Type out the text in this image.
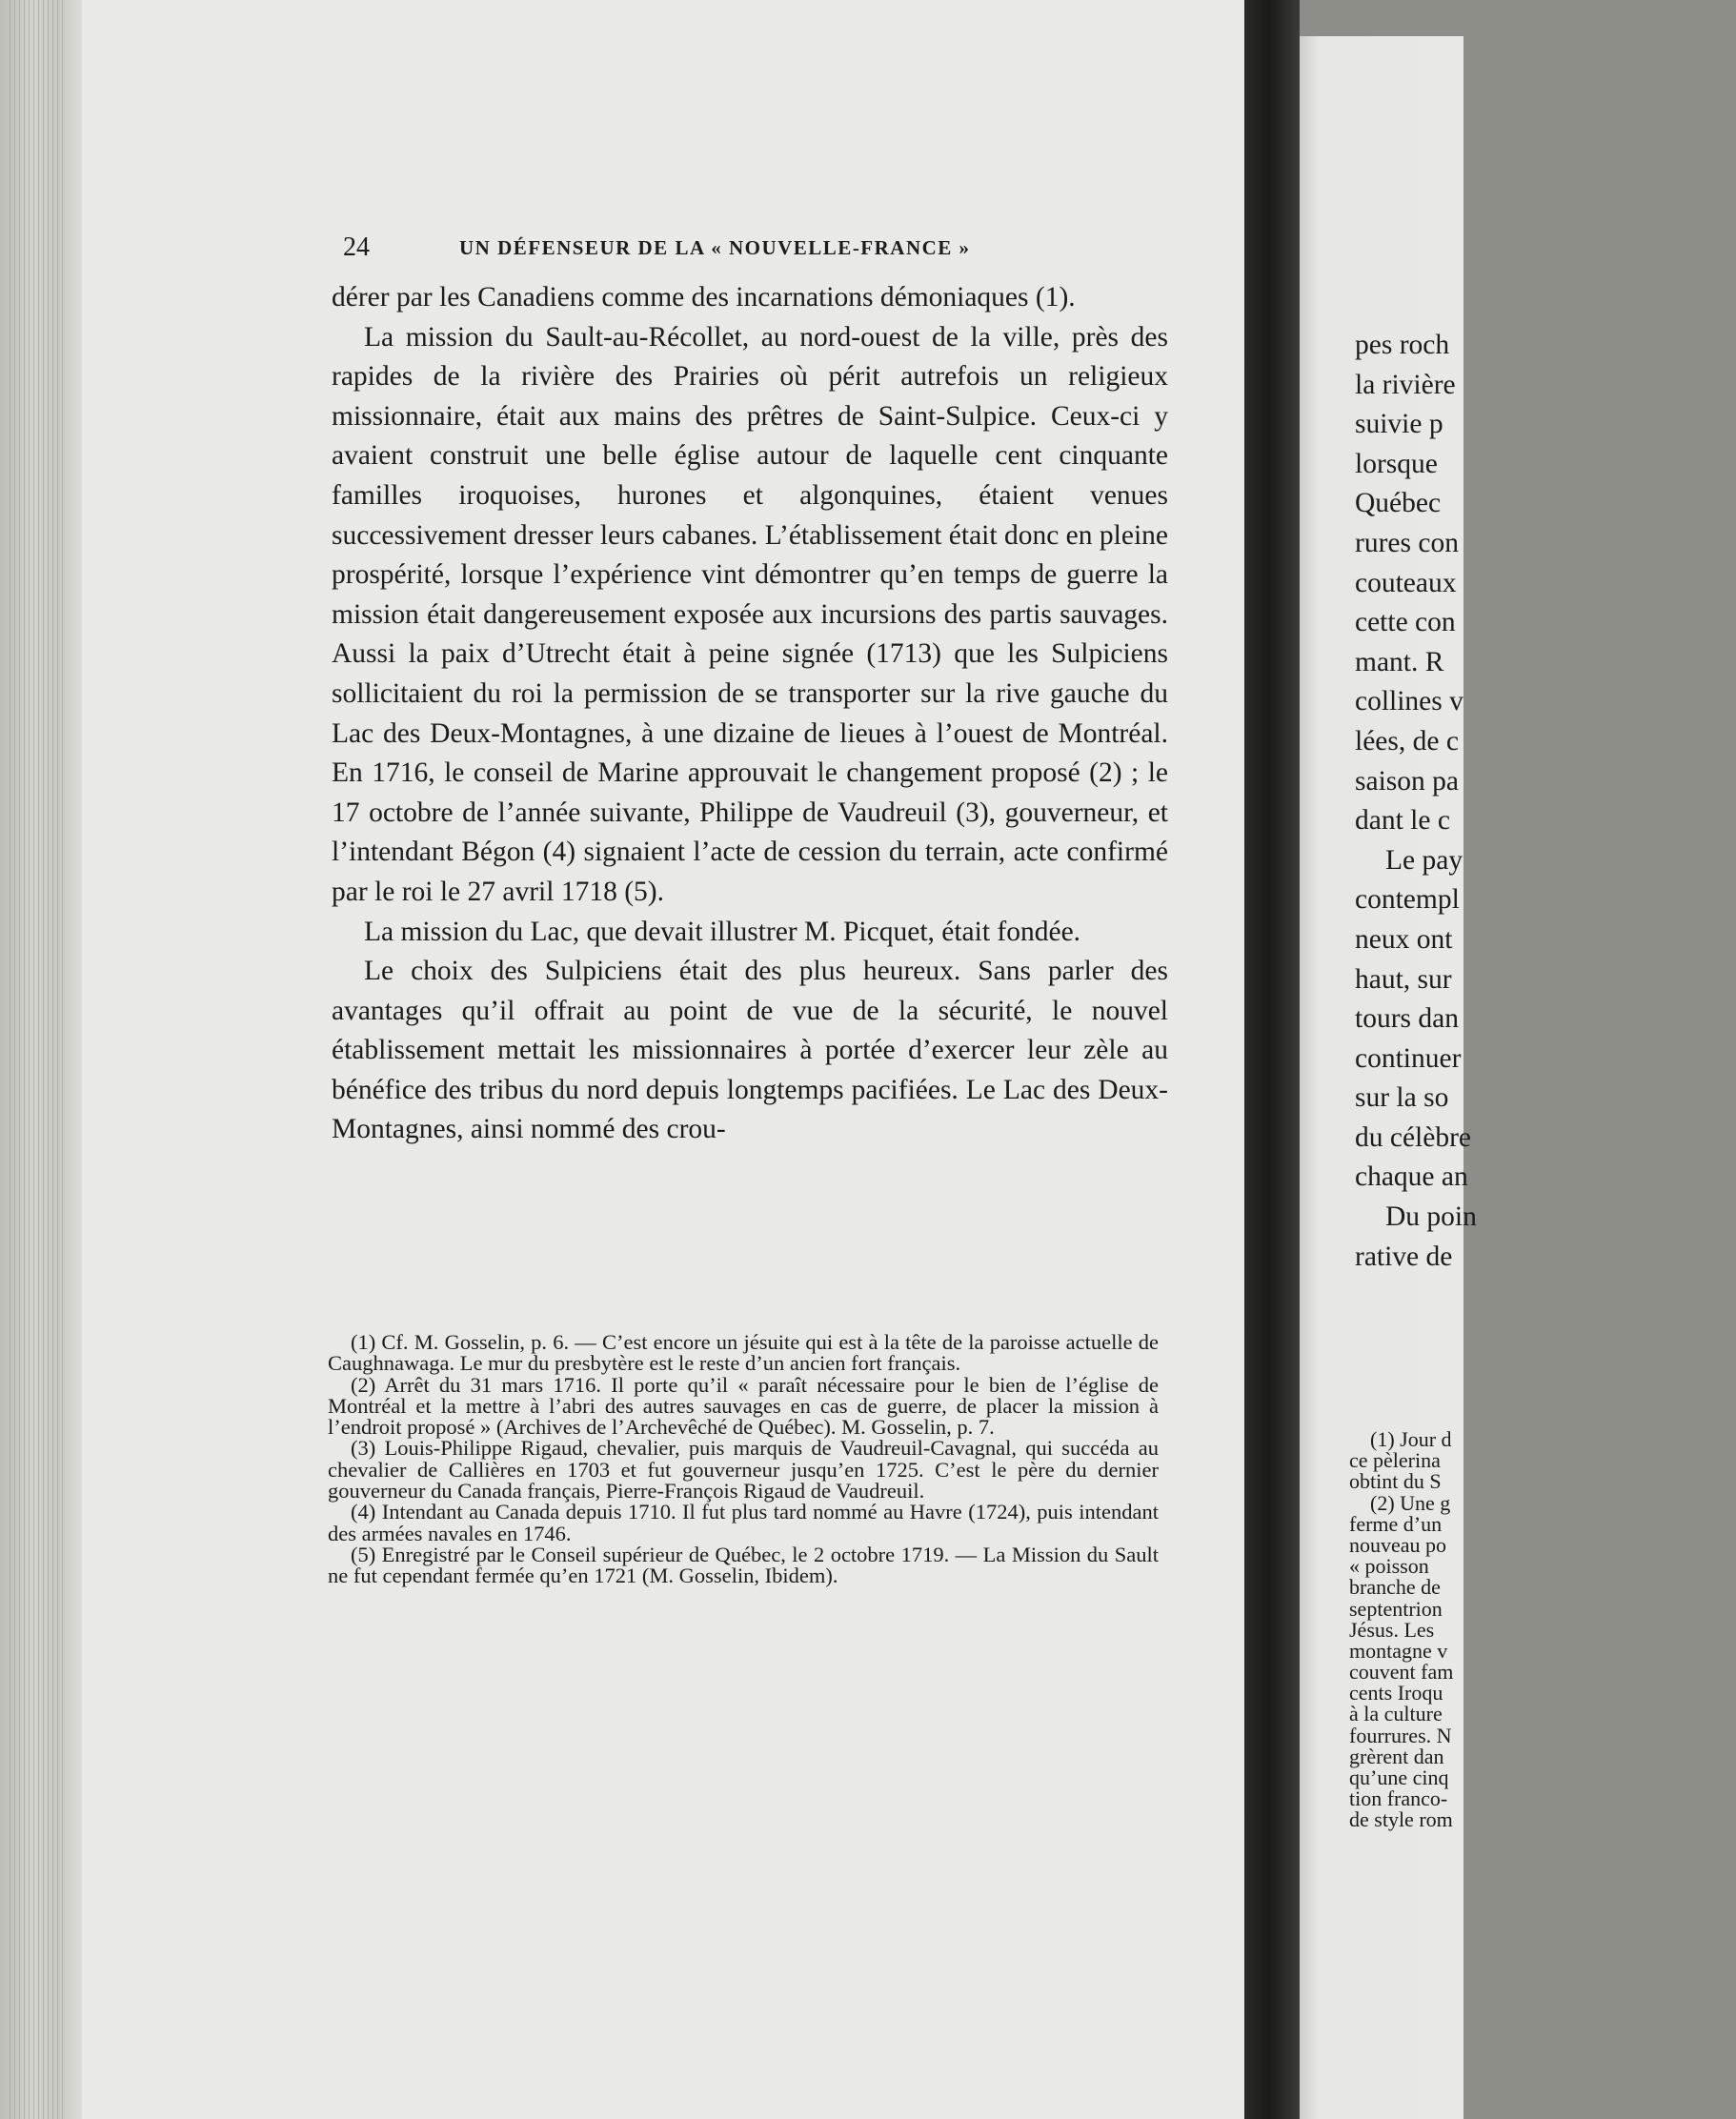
24	UN DÉFENSEUR DE LA « NOUVELLE-FRANCE »

dérer par les Canadiens comme des incarnations démoniaques (1).

La mission du Sault-au-Récollet, au nord-ouest de la ville, près des rapides de la rivière des Prairies où périt autrefois un religieux missionnaire, était aux mains des prêtres de Saint-Sulpice. Ceux-ci y avaient construit une belle église autour de laquelle cent cinquante familles iroquoises, hurones et algonquines, étaient venues successivement dresser leurs cabanes. L’établissement était donc en pleine prospérité, lorsque l’expérience vint démontrer qu’en temps de guerre la mission était dangereusement exposée aux incursions des partis sauvages. Aussi la paix d’Utrecht était à peine signée (1713) que les Sulpiciens sollicitaient du roi la permission de se transporter sur la rive gauche du Lac des Deux-Montagnes, à une dizaine de lieues à l’ouest de Montréal. En 1716, le conseil de Marine approuvait le changement proposé (2) ; le 17 octobre de l’année suivante, Philippe de Vaudreuil (3), gouverneur, et l’intendant Bégon (4) signaient l’acte de cession du terrain, acte confirmé par le roi le 27 avril 1718 (5).

La mission du Lac, que devait illustrer M. Picquet, était fondée.

Le choix des Sulpiciens était des plus heureux. Sans parler des avantages qu’il offrait au point de vue de la sécurité, le nouvel établissement mettait les missionnaires à portée d’exercer leur zèle au bénéfice des tribus du nord depuis longtemps pacifiées. Le Lac des Deux-Montagnes, ainsi nommé des crou-

(1) Cf. M. Gosselin, p. 6. — C’est encore un jésuite qui est à la tête de la paroisse actuelle de Caughnawaga. Le mur du presbytère est le reste d’un ancien fort français.

(2) Arrêt du 31 mars 1716. Il porte qu’il « paraît nécessaire pour le bien de l’église de Montréal et la mettre à l’abri des autres sauvages en cas de guerre, de placer la mission à l’endroit proposé » (Archives de l’Archevêché de Québec). M. Gosselin, p. 7.

(3) Louis-Philippe Rigaud, chevalier, puis marquis de Vaudreuil-Cavagnal, qui succéda au chevalier de Callières en 1703 et fut gouverneur jusqu’en 1725. C’est le père du dernier gouverneur du Canada français, Pierre-François Rigaud de Vaudreuil.

(4) Intendant au Canada depuis 1710. Il fut plus tard nommé au Havre (1724), puis intendant des armées navales en 1746.

(5) Enregistré par le Conseil supérieur de Québec, le 2 octobre 1719. — La Mission du Sault ne fut cependant fermée qu’en 1721 (M. Gosselin, Ibidem).

pes roch
la rivière
suivie p
lorsque
Québec
rures con
couteaux
cette con
mant. R
collines v
lées, de c
saison pa
dant le c
Le pay
contempl
neux ont
haut, sur
tours dan
continuer
sur la so
du célèbre
chaque an
Du poin
rative de
(1) Jour d
ce pèlerina
obtint du S
(2) Une g
ferme d’un
nouveau po
« poisson
branche de
septentrion
Jésus. Les
montagne v
couvent fam
cents Iroqu
à la culture
fourrures. N
grèrent dan
qu’une cinq
tion franco-
de style rom
